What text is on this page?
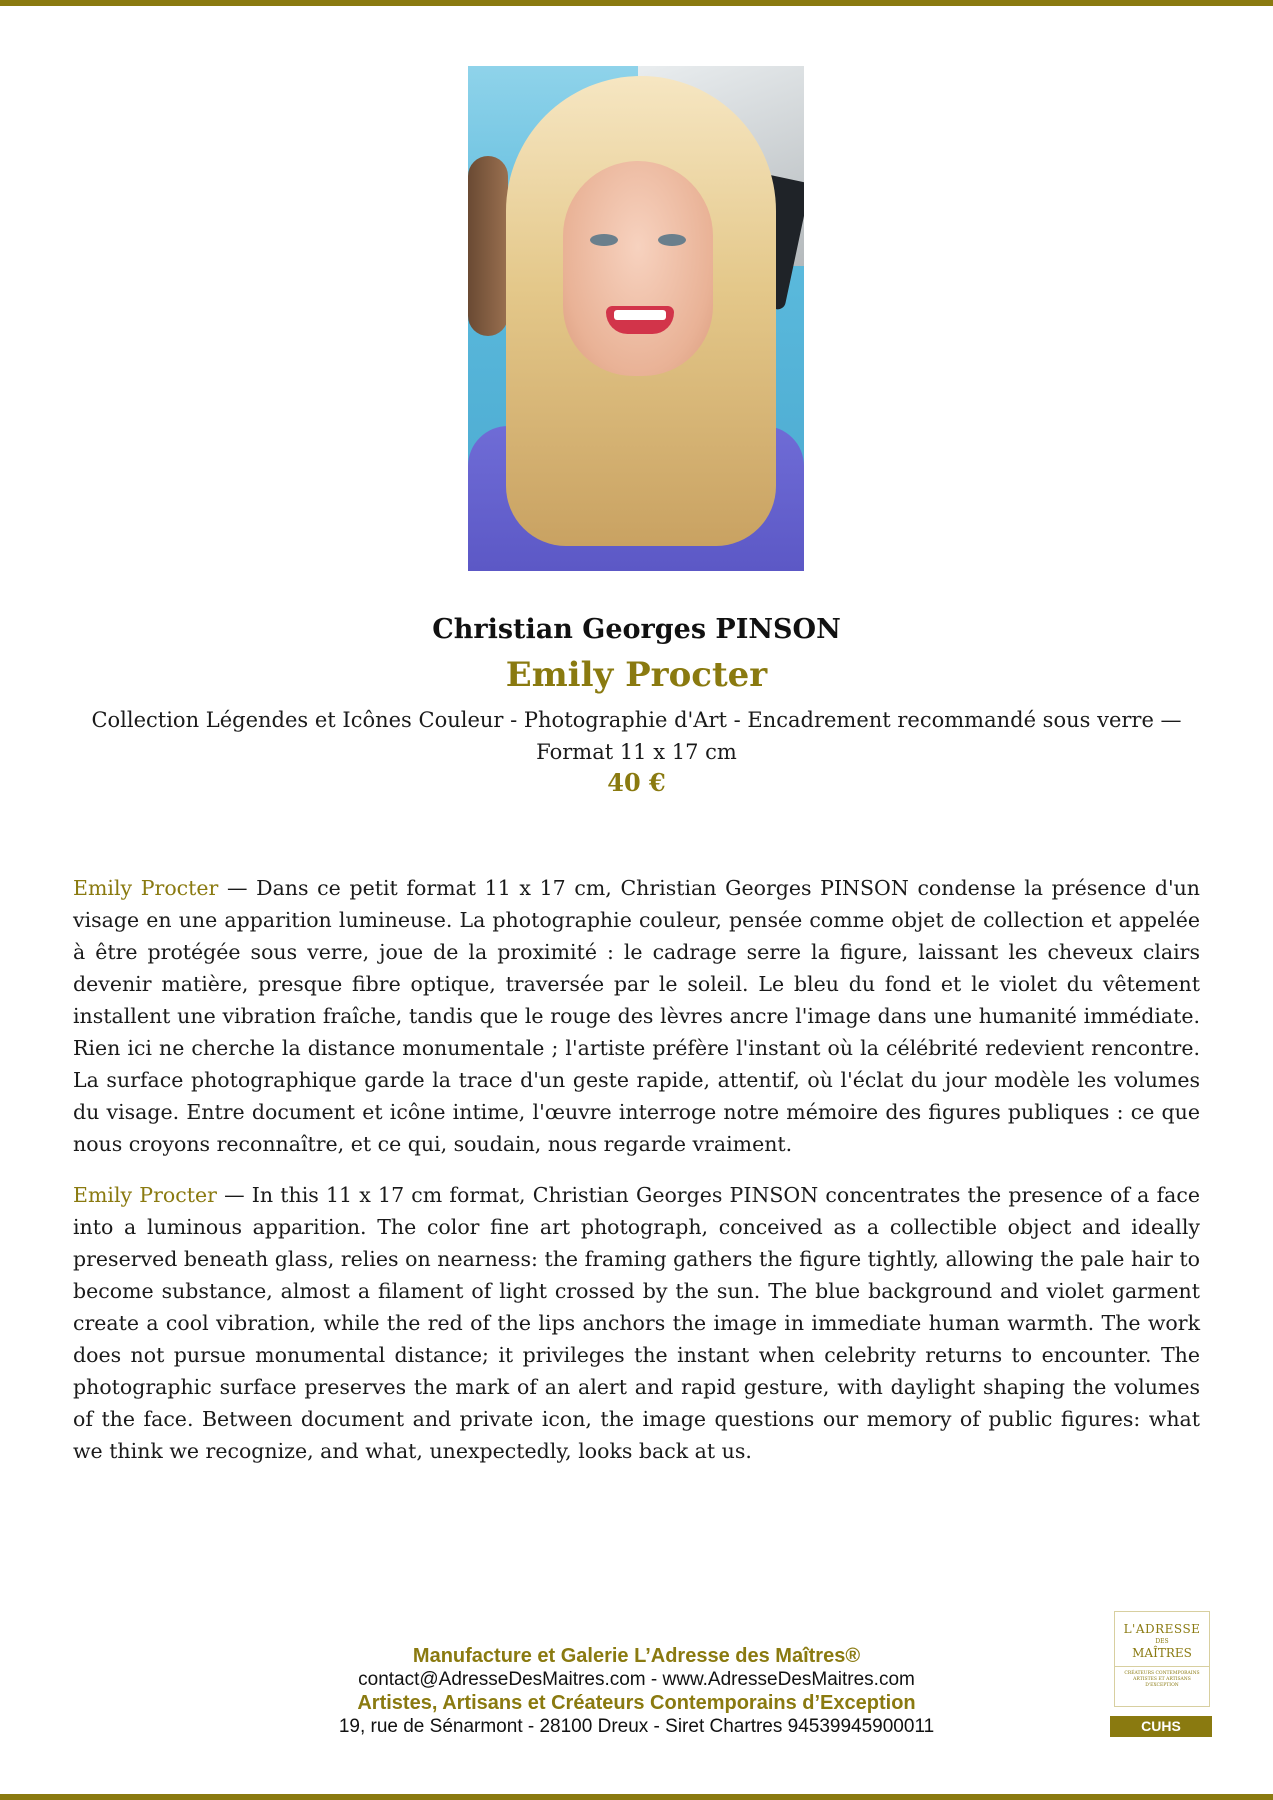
Christian Georges PINSON
Emily Procter
Collection Légendes et Icônes Couleur - Photographie d'Art - Encadrement recommandé sous verre — Format 11 x 17 cm
40 €

Emily Procter — Dans ce petit format 11 x 17 cm, Christian Georges PINSON condense la présence d'un visage en une apparition lumineuse. La photographie couleur, pensée comme objet de collection et appelée à être protégée sous verre, joue de la proximité : le cadrage serre la figure, laissant les cheveux clairs devenir matière, presque fibre optique, traversée par le soleil. Le bleu du fond et le violet du vêtement installent une vibration fraîche, tandis que le rouge des lèvres ancre l'image dans une humanité immédiate. Rien ici ne cherche la distance monumentale ; l'artiste préfère l'instant où la célébrité redevient rencontre. La surface photographique garde la trace d'un geste rapide, attentif, où l'éclat du jour modèle les volumes du visage. Entre document et icône intime, l'œuvre interroge notre mémoire des figures publiques : ce que nous croyons reconnaître, et ce qui, soudain, nous regarde vraiment.

Emily Procter — In this 11 x 17 cm format, Christian Georges PINSON concentrates the presence of a face into a luminous apparition. The color fine art photograph, conceived as a collectible object and ideally preserved beneath glass, relies on nearness: the framing gathers the figure tightly, allowing the pale hair to become substance, almost a filament of light crossed by the sun. The blue background and violet garment create a cool vibration, while the red of the lips anchors the image in immediate human warmth. The work does not pursue monumental distance; it privileges the instant when celebrity returns to encounter. The photographic surface preserves the mark of an alert and rapid gesture, with daylight shaping the volumes of the face. Between document and private icon, the image questions our memory of public figures: what we think we recognize, and what, unexpectedly, looks back at us.

Manufacture et Galerie L’Adresse des Maîtres®
contact@AdresseDesMaitres.com - www.AdresseDesMaitres.com
Artistes, Artisans et Créateurs Contemporains d’Exception
19, rue de Sénarmont - 28100 Dreux - Siret Chartres 94539945900011
L'ADRESSE
DES
MAÎTRES
CRÉATEURS CONTEMPORAINS ARTISTES ET ARTISANS D'EXCEPTION
CUHS
